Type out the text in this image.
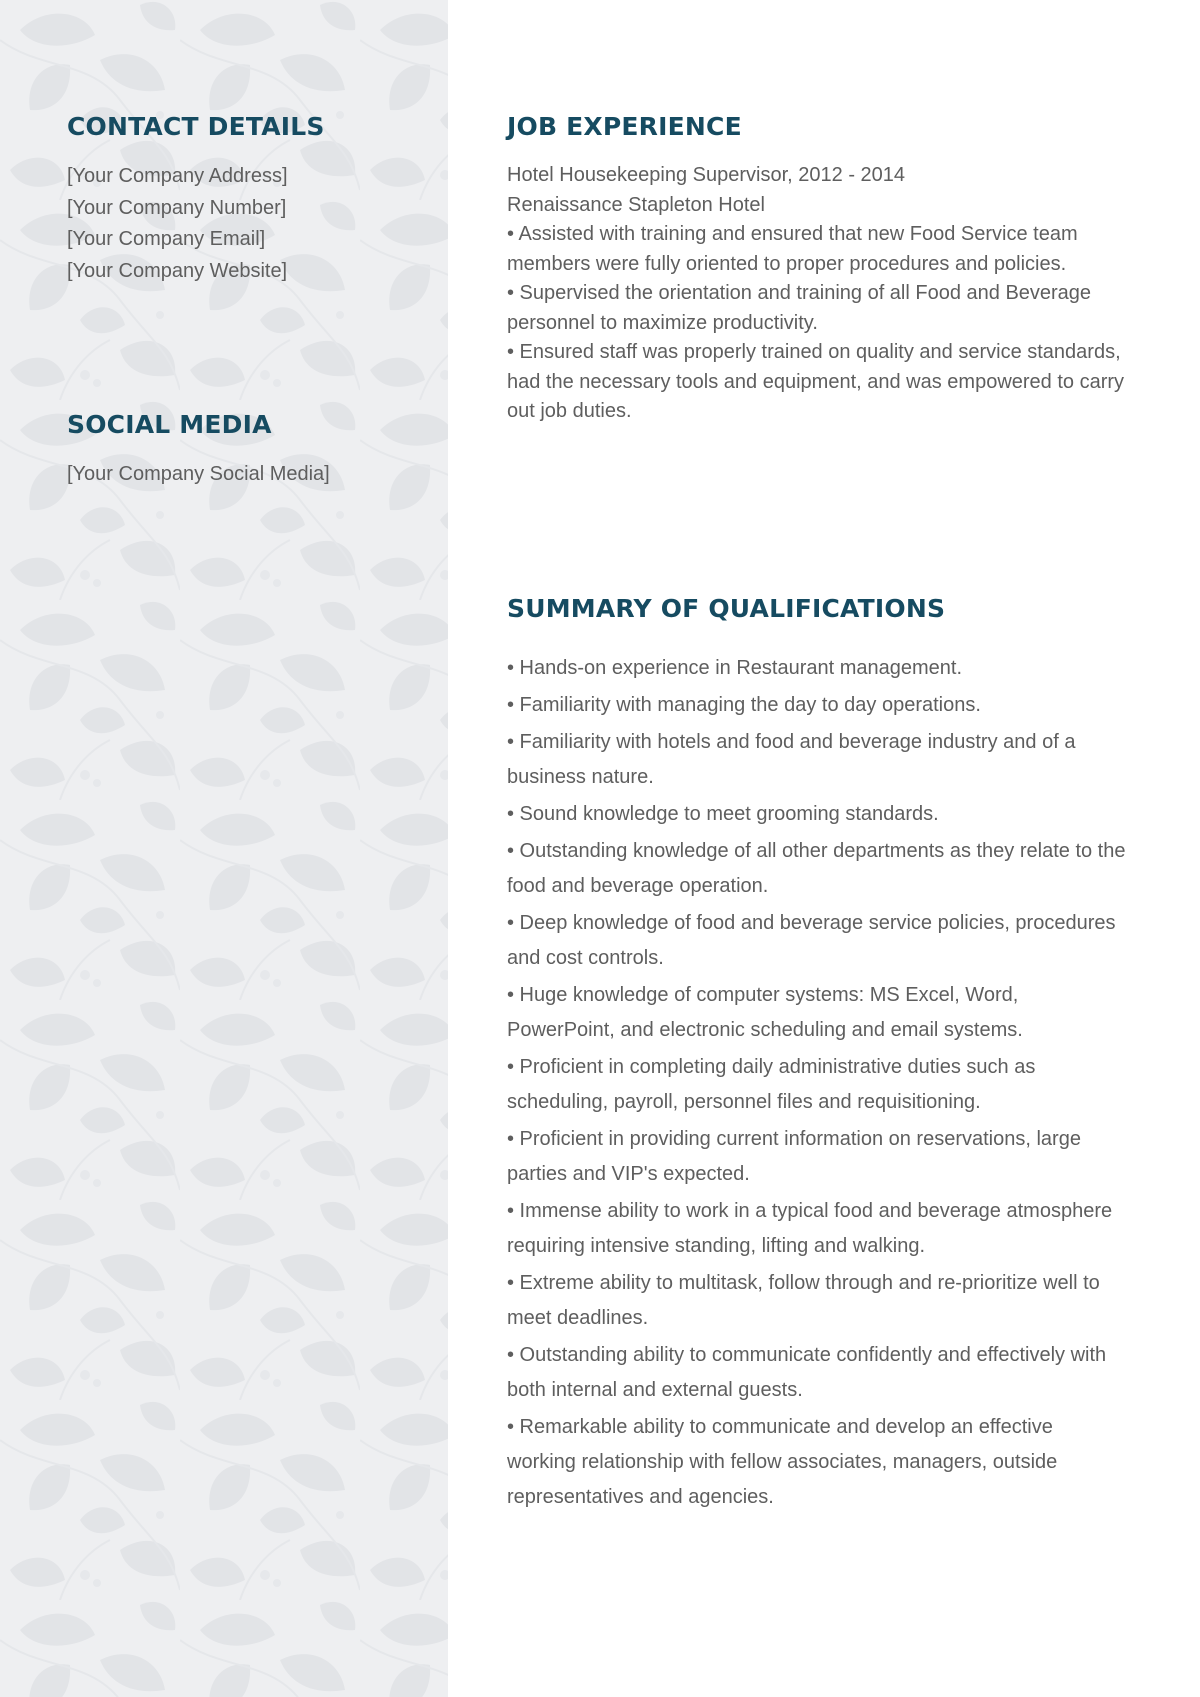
CONTACT DETAILS
[Your Company Address]
[Your Company Number]
[Your Company Email]
[Your Company Website]
SOCIAL MEDIA
[Your Company Social Media]
JOB EXPERIENCE
Hotel Housekeeping Supervisor, 2012 - 2014
Renaissance Stapleton Hotel
• Assisted with training and ensured that new Food Service team members were fully oriented to proper procedures and policies.
• Supervised the orientation and training of all Food and Beverage personnel to maximize productivity.
• Ensured staff was properly trained on quality and service standards, had the necessary tools and equipment, and was empowered to carry out job duties.
SUMMARY OF QUALIFICATIONS
• Hands-on experience in Restaurant management.
• Familiarity with managing the day to day operations.
• Familiarity with hotels and food and beverage industry and of a business nature.
• Sound knowledge to meet grooming standards.
• Outstanding knowledge of all other departments as they relate to the food and beverage operation.
• Deep knowledge of food and beverage service policies, procedures and cost controls.
• Huge knowledge of computer systems: MS Excel, Word, PowerPoint, and electronic scheduling and email systems.
• Proficient in completing daily administrative duties such as scheduling, payroll, personnel files and requisitioning.
• Proficient in providing current information on reservations, large parties and VIP's expected.
• Immense ability to work in a typical food and beverage atmosphere requiring intensive standing, lifting and walking.
• Extreme ability to multitask, follow through and re-prioritize well to meet deadlines.
• Outstanding ability to communicate confidently and effectively with both internal and external guests.
• Remarkable ability to communicate and develop an effective working relationship with fellow associates, managers, outside representatives and agencies.
